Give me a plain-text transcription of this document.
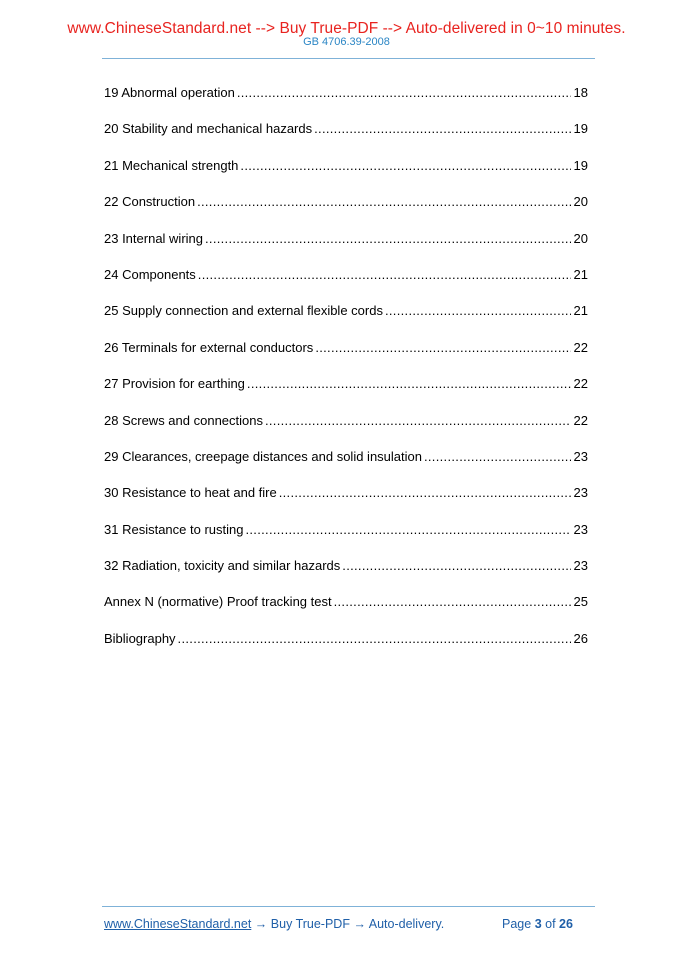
www.ChineseStandard.net --> Buy True-PDF --> Auto-delivered in 0~10 minutes.
GB 4706.39-2008
19 Abnormal operation .....	18
20 Stability and mechanical hazards .....	19
21 Mechanical strength .....	19
22 Construction .....	20
23 Internal wiring .....	20
24 Components .....	21
25 Supply connection and external flexible cords .....	21
26 Terminals for external conductors .....	22
27 Provision for earthing .....	22
28 Screws and connections .....	22
29 Clearances, creepage distances and solid insulation .....	23
30 Resistance to heat and fire .....	23
31 Resistance to rusting .....	23
32 Radiation, toxicity and similar hazards .....	23
Annex N (normative) Proof tracking test .....	25
Bibliography .....	26
www.ChineseStandard.net → Buy True-PDF → Auto-delivery.	Page 3 of 26
